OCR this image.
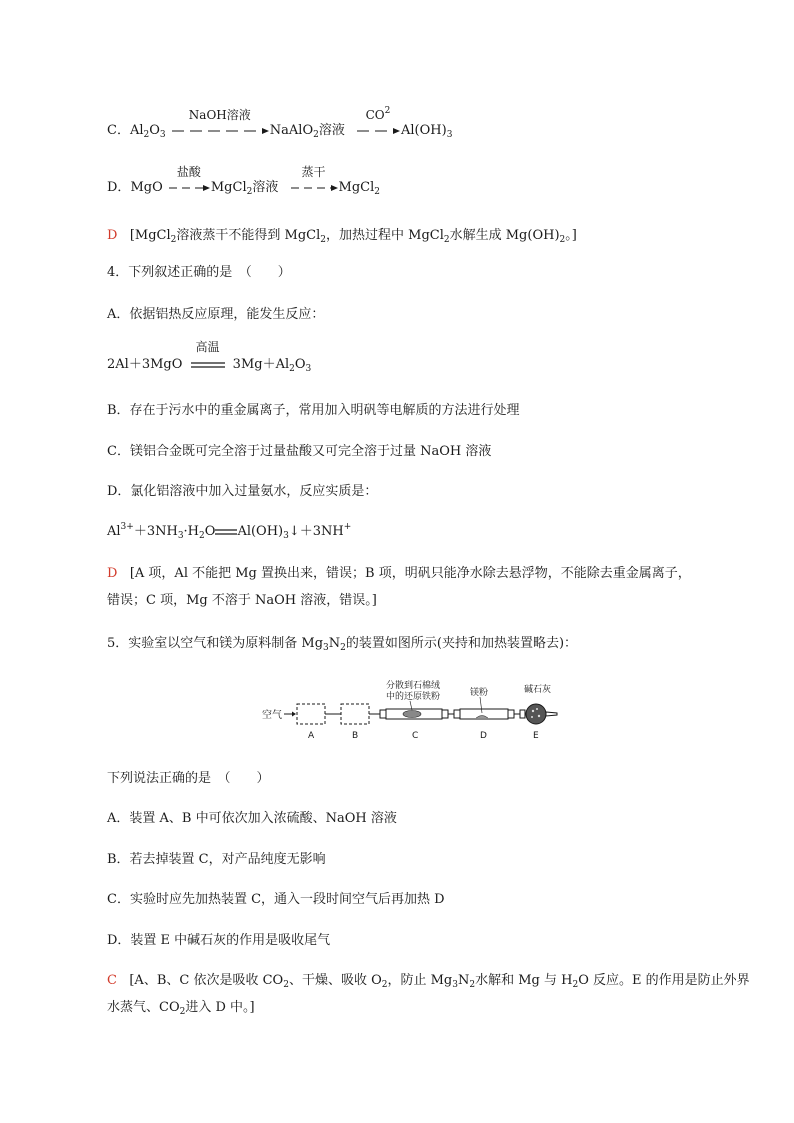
C．$Al_2O_3$
NaOH溶液
NaAlO$_2$溶液
$CO^2$
$Al(OH)_3$
D．MgO
盐酸
MgCl$_2$溶液
蒸干
MgCl$_2$
D [MgCl$_2$溶液蒸干不能得到 MgCl$_2$，加热过程中 MgCl$_2$水解生成 $Mg(OH)_2$。]
4．下列叙述正确的是　（　　）
A．依据铝热反应原理，能发生反应：
2Al＋3MgO
高温
$3Mg+Al_2O_3$
B．存在于污水中的重金属离子，常用加入明矾等电解质的方法进行处理
C．镁铝合金既可完全溶于过量盐酸又可完全溶于过量 NaOH 溶液
D．氯化铝溶液中加入过量氨水，反应实质是：
$Al^{3+}+3NH_3\cdot H_2O$ $Al(OH)_3↓+3NH^+$
D [A 项，Al 不能把 Mg 置换出来，错误；B 项，明矾只能净水除去悬浮物，不能除去重金属离子，
错误；C 项，Mg 不溶于 NaOH 溶液，错误。]
5．实验室以空气和镁为原料制备 $Mg_3N_2$的装置如图所示(夹持和加热装置略去)：
空气
分散到石棉绒
中的还原铁粉	镁粉	碱石灰
A	B	C	D	E
下列说法正确的是　（　　）
A．装置 A、B 中可依次加入浓硫酸、NaOH 溶液
B．若去掉装置 C，对产品纯度无影响
C．实验时应先加热装置 C，通入一段时间空气后再加热 D
D．装置 E 中碱石灰的作用是吸收尾气
C [A、B、C 依次是吸收 $CO_2$、干燥、吸收 $O_2$，防止 $Mg_3N_2$水解和 Mg 与 $H_2O$ 反应。E 的作用是防止外界
水蒸气、$CO_2$进入 D 中。]
